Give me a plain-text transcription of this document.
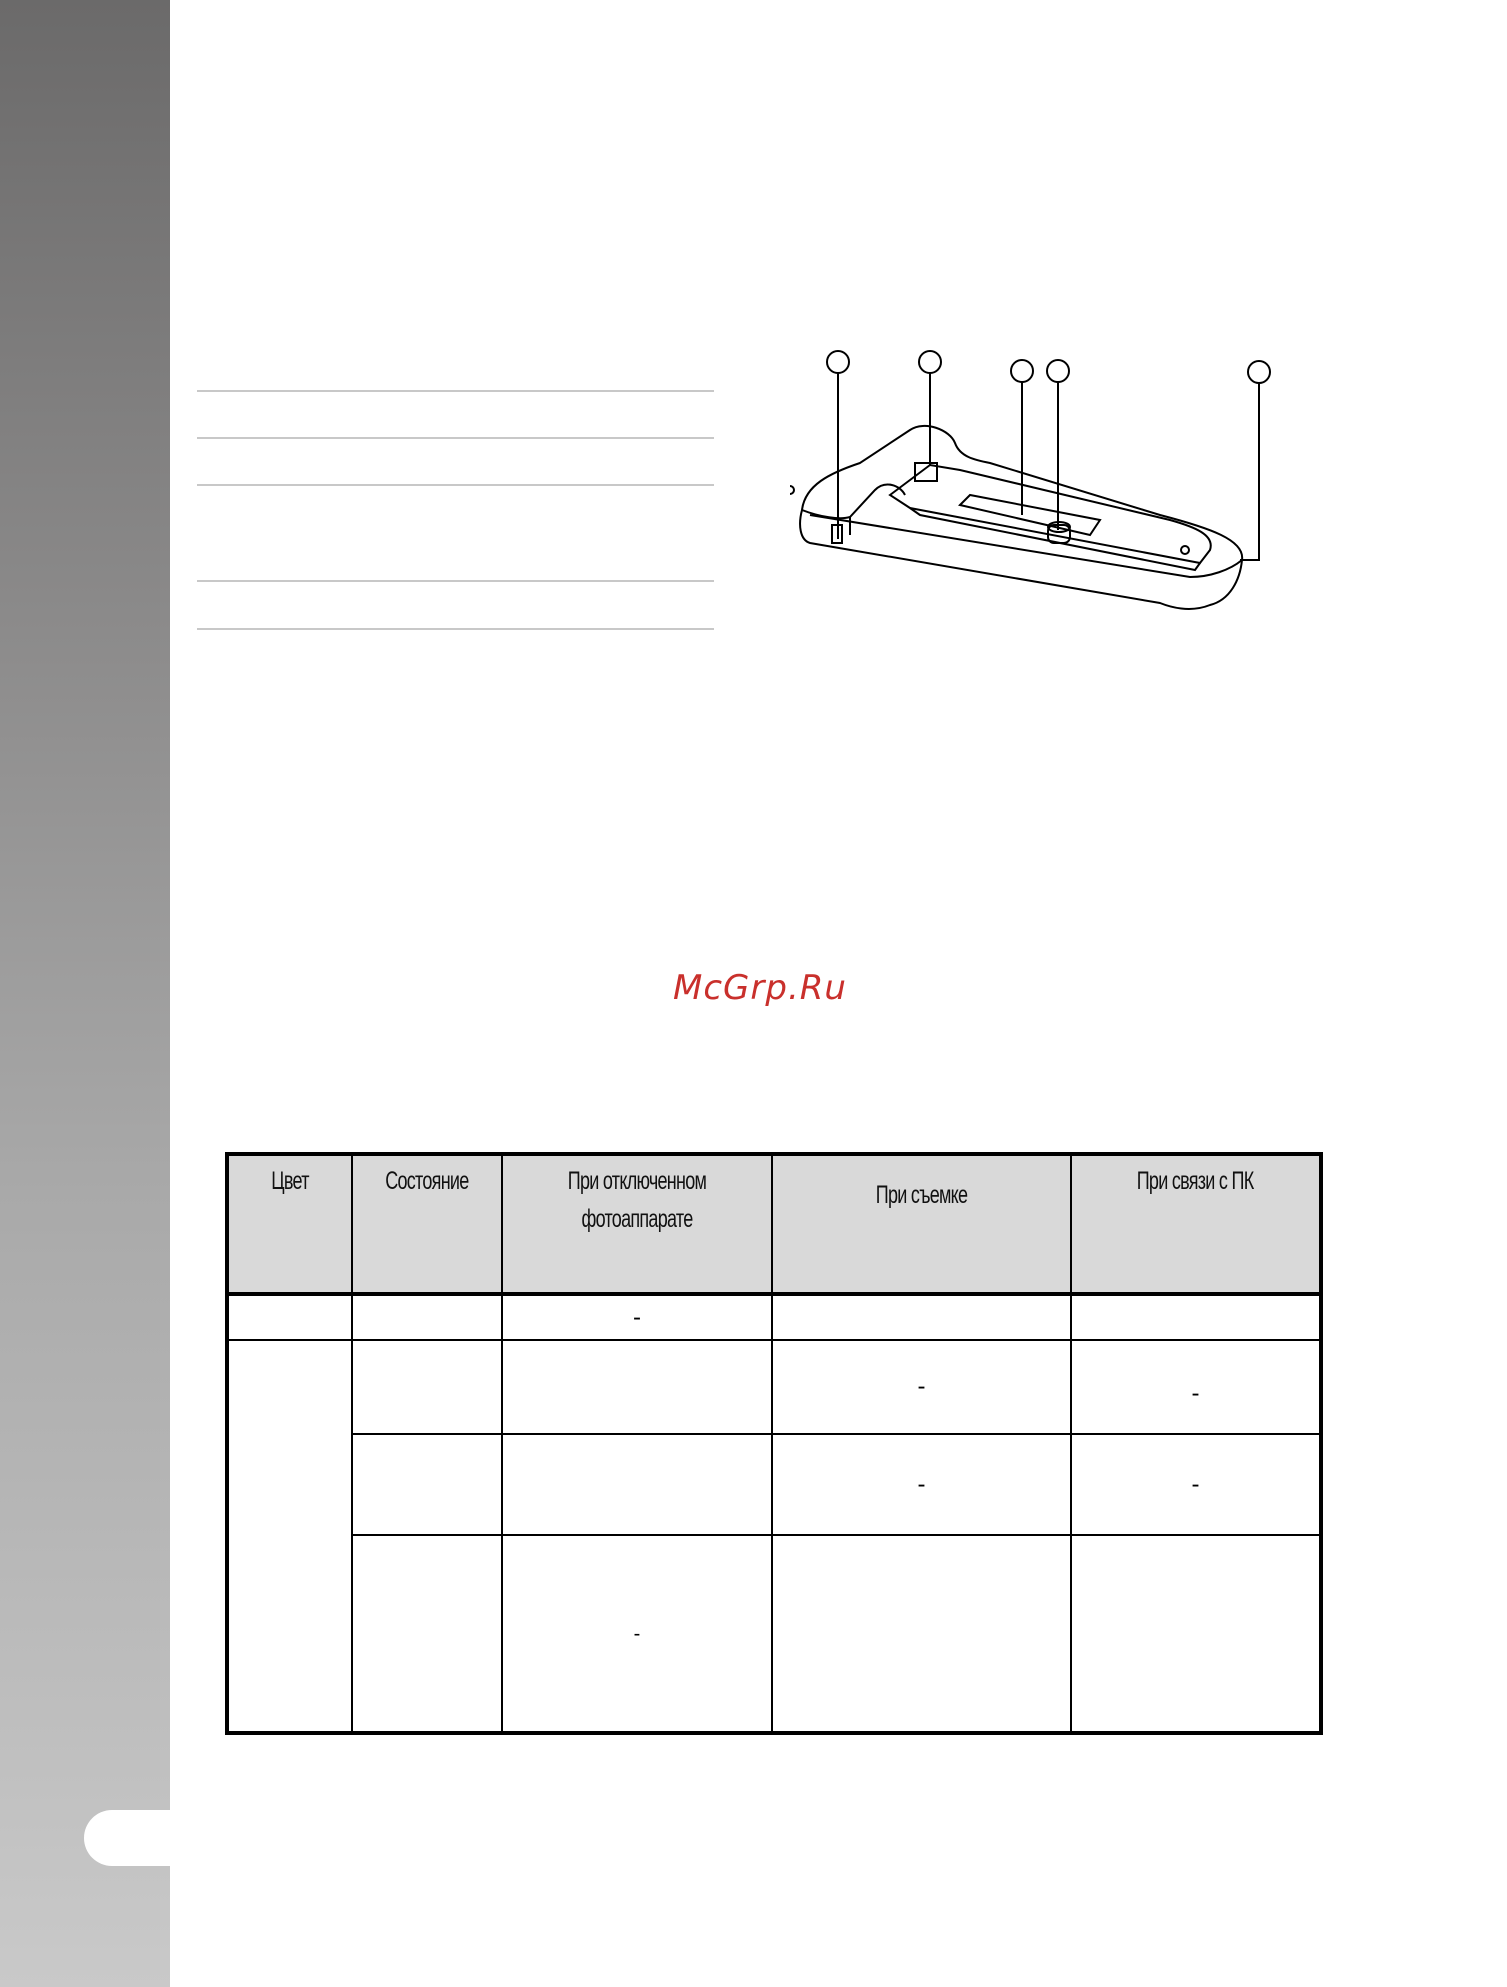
McGrp.Ru
Цвет	Состояние	При отключенном фотоаппарате	При съемке	При связи с ПК

		-		

			-	-

			-	-

		-		
